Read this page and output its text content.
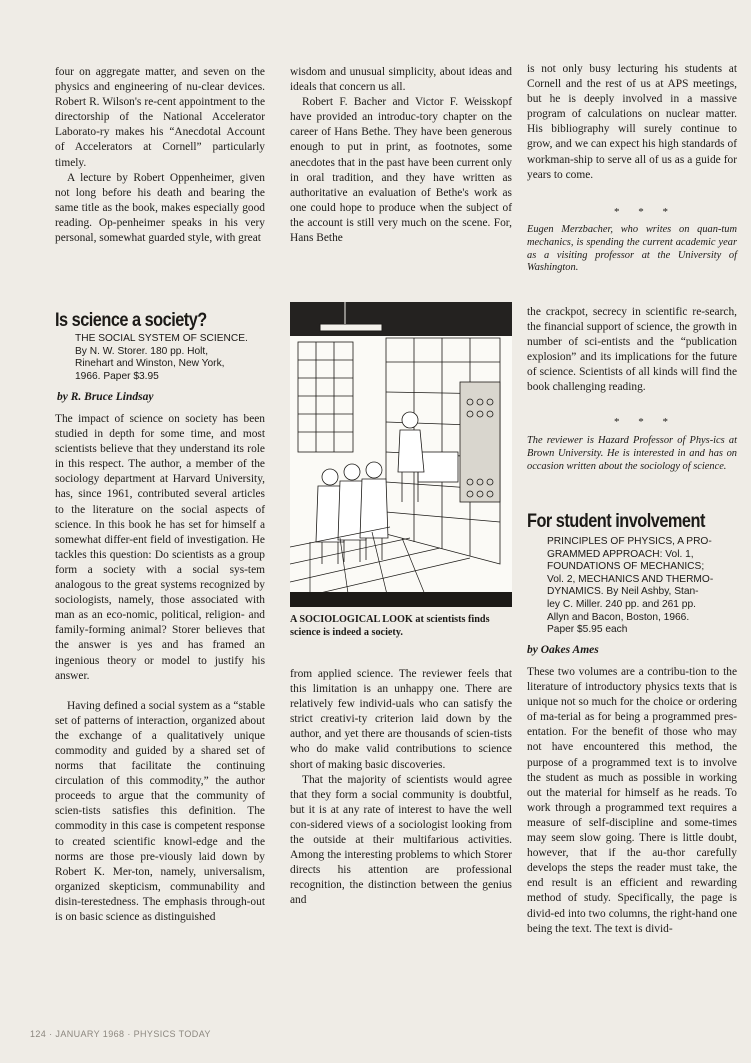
four on aggregate matter, and seven on the physics and engineering of nu-clear devices. Robert R. Wilson's re-cent appointment to the directorship of the National Accelerator Laborato-ry makes his “Anecdotal Account of Accelerators at Cornell” particularly timely.

A lecture by Robert Oppenheimer, given not long before his death and bearing the same title as the book, makes especially good reading. Op-penheimer speaks in his very personal, somewhat guarded style, with great

wisdom and unusual simplicity, about ideas and ideals that concern us all.

Robert F. Bacher and Victor F. Weisskopf have provided an introduc-tory chapter on the career of Hans Bethe. They have been generous enough to put in print, as footnotes, some anecdotes that in the past have been current only in oral tradition, and they have written as authoritative an evaluation of Bethe's work as one could hope to produce when the subject of the account is still very much on the scene. For, Hans Bethe

is not only busy lecturing his students at Cornell and the rest of us at APS meetings, but he is deeply involved in a massive program of calculations on nuclear matter. His bibliography will surely continue to grow, and we can expect his high standards of workman-ship to serve all of us as a guide for years to come.

* * *
Eugen Merzbacher, who writes on quan-tum mechanics, is spending the current academic year as a visiting professor at the University of Washington.
Is science a society?
THE SOCIAL SYSTEM OF SCIENCE.
By N. W. Storer. 180 pp. Holt,
Rinehart and Winston, New York,
1966. Paper $3.95
by R. Bruce Lindsay

The impact of science on society has been studied in depth for some time, and most scientists believe that they understand its role in this respect. The author, a member of the sociology department at Harvard University, has, since 1961, contributed several articles to the literature on the social aspects of science. In this book he has set for himself a somewhat differ-ent field of investigation. He tackles this question: Do scientists as a group form a society with a social sys-tem analogous to the great systems recognized by sociologists, namely, those associated with man as an eco-nomic, political, religion- and family-forming animal? Storer believes that the answer is yes and has framed an ingenious theory or model to justify his answer.

Having defined a social system as a “stable set of patterns of interaction, organized about the exchange of a qualitatively unique commodity and guided by a shared set of norms that facilitate the continuing circulation of this commodity,” the author proceeds to argue that the community of scien-tists satisfies this definition. The commodity in this case is competent response to created scientific knowl-edge and the norms are those pre-viously laid down by Robert K. Mer-ton, namely, universalism, organized skepticism, communability and disin-terestedness. The emphasis through-out is on basic science as distinguished

A SOCIOLOGICAL LOOK at scientists finds science is indeed a society.

from applied science. The reviewer feels that this limitation is an unhappy one. There are relatively few individ-uals who can satisfy the strict creativi-ty criterion laid down by the author, and yet there are thousands of scien-tists who do make valid contributions to science short of making basic discoveries.

That the majority of scientists would agree that they form a social community is doubtful, but it is at any rate of interest to have the well con-sidered views of a sociologist looking from the outside at their multifarious activities. Among the interesting problems to which Storer directs his attention are professional recognition, the distinction between the genius and

the crackpot, secrecy in scientific re-search, the financial support of science, the growth in number of sci-entists and the “publication explosion” and its implications for the future of science. Scientists of all kinds will find the book challenging reading.

* * *
The reviewer is Hazard Professor of Phys-ics at Brown University. He is interested in and has on occasion written about the sociology of science.
For student involvement
PRINCIPLES OF PHYSICS, A PRO-
GRAMMED APPROACH: Vol. 1,
FOUNDATIONS OF MECHANICS;
Vol. 2, MECHANICS AND THERMO-
DYNAMICS. By Neil Ashby, Stan-
ley C. Miller. 240 pp. and 261 pp.
Allyn and Bacon, Boston, 1966.
Paper $5.95 each
by Oakes Ames

These two volumes are a contribu-tion to the literature of introductory physics texts that is unique not so much for the choice or ordering of ma-terial as for being a programmed pres-entation. For the benefit of those who may not have encountered this method, the purpose of a programmed text is to involve the student as much as possible in working out the material for himself as he reads. To work through a programmed text requires a measure of self-discipline and some-times may seem slow going. There is little doubt, however, that if the au-thor carefully develops the steps the reader must take, the end result is an efficient and rewarding method of study. Specifically, the page is divid-ed into two columns, the right-hand one being the text. The text is divid-

124 · JANUARY 1968 · PHYSICS TODAY
